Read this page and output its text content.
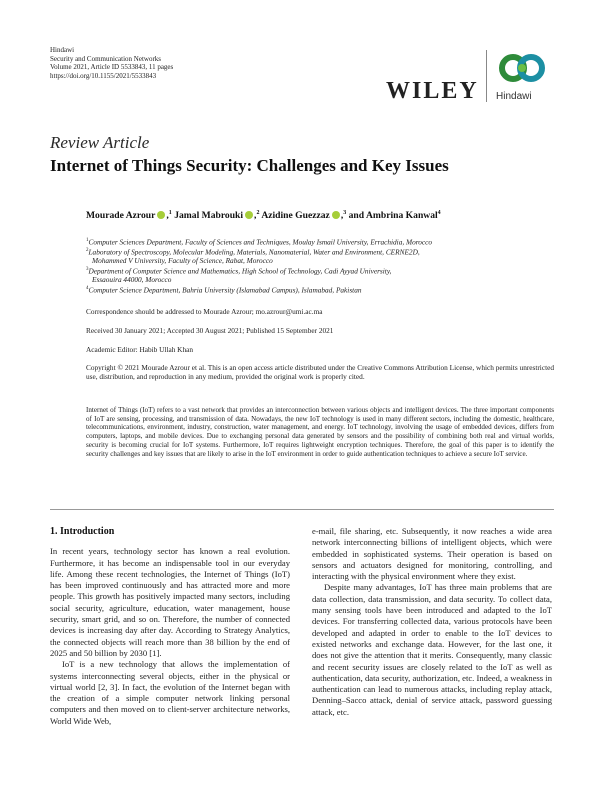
Hindawi
Security and Communication Networks
Volume 2021, Article ID 5533843, 11 pages
https://doi.org/10.1155/2021/5533843
WILEY Hindawi
Review Article
Internet of Things Security: Challenges and Key Issues
Mourade Azrour ,$^1$ Jamal Mabrouki ,$^2$ Azidine Guezzaz ,$^3$ and Ambrina Kanwal$^4$
$^1$Computer Sciences Department, Faculty of Sciences and Techniques, Moulay Ismail University, Errachidia, Morocco
$^2$Laboratory of Spectroscopy, Molecular Modeling, Materials, Nanomaterial, Water and Environment, CERNE2D,
Mohammed V University, Faculty of Science, Rabat, Morocco
$^3$Department of Computer Science and Mathematics, High School of Technology, Cadi Ayyad University,
Essaouira 44000, Morocco
$^4$Computer Science Department, Bahria University (Islamabad Campus), Islamabad, Pakistan
Correspondence should be addressed to Mourade Azrour; mo.azrour@umi.ac.ma
Received 30 January 2021; Accepted 30 August 2021; Published 15 September 2021
Academic Editor: Habib Ullah Khan
Copyright © 2021 Mourade Azrour et al. This is an open access article distributed under the Creative Commons Attribution License, which permits unrestricted use, distribution, and reproduction in any medium, provided the original work is properly cited.
Internet of Things (IoT) refers to a vast network that provides an interconnection between various objects and intelligent devices. The three important components of IoT are sensing, processing, and transmission of data. Nowadays, the new IoT technology is used in many different sectors, including the domestic, healthcare, telecommunications, environment, industry, construction, water management, and energy. IoT technology, involving the usage of embedded devices, differs from computers, laptops, and mobile devices. Due to exchanging personal data generated by sensors and the possibility of combining both real and virtual worlds, security is becoming crucial for IoT systems. Furthermore, IoT requires lightweight encryption techniques. Therefore, the goal of this paper is to identify the security challenges and key issues that are likely to arise in the IoT environment in order to guide authentication techniques to achieve a secure IoT service.
1. Introduction

In recent years, technology sector has known a real evolution. Furthermore, it has become an indispensable tool in our everyday life. Among these recent technologies, the Internet of Things (IoT) has been improved continuously and has attracted more and more people. This growth has positively impacted many sectors, including social security, agriculture, education, water management, house security, smart grid, and so on. Therefore, the number of connected devices is increasing day after day. According to Strategy Analytics, the connected objects will reach more than 38 billion by the end of 2025 and 50 billion by 2030 [1].

IoT is a new technology that allows the implementation of systems interconnecting several objects, either in the physical or virtual world [2, 3]. In fact, the evolution of the Internet began with the creation of a simple computer network linking personal computers and then moved on to client-server architecture networks, World Wide Web,

e-mail, file sharing, etc. Subsequently, it now reaches a wide area network interconnecting billions of intelligent objects, which were embedded in sophisticated systems. Their operation is based on sensors and actuators designed for monitoring, controlling, and interacting with the physical environment where they exist.

Despite many advantages, IoT has three main problems that are data collection, data transmission, and data security. To collect data, many sensing tools have been introduced and adapted to the IoT devices. For transferring collected data, various protocols have been developed and adapted in order to enable to the IoT devices to existed networks and exchange data. However, for the last one, it does not give the attention that it merits. Consequently, many classic and recent security issues are closely related to the IoT as well as authentication, data security, authorization, etc. Indeed, a weakness in authentication can lead to numerous attacks, including replay attack, Denning–Sacco attack, denial of service attack, password guessing attack, etc.
